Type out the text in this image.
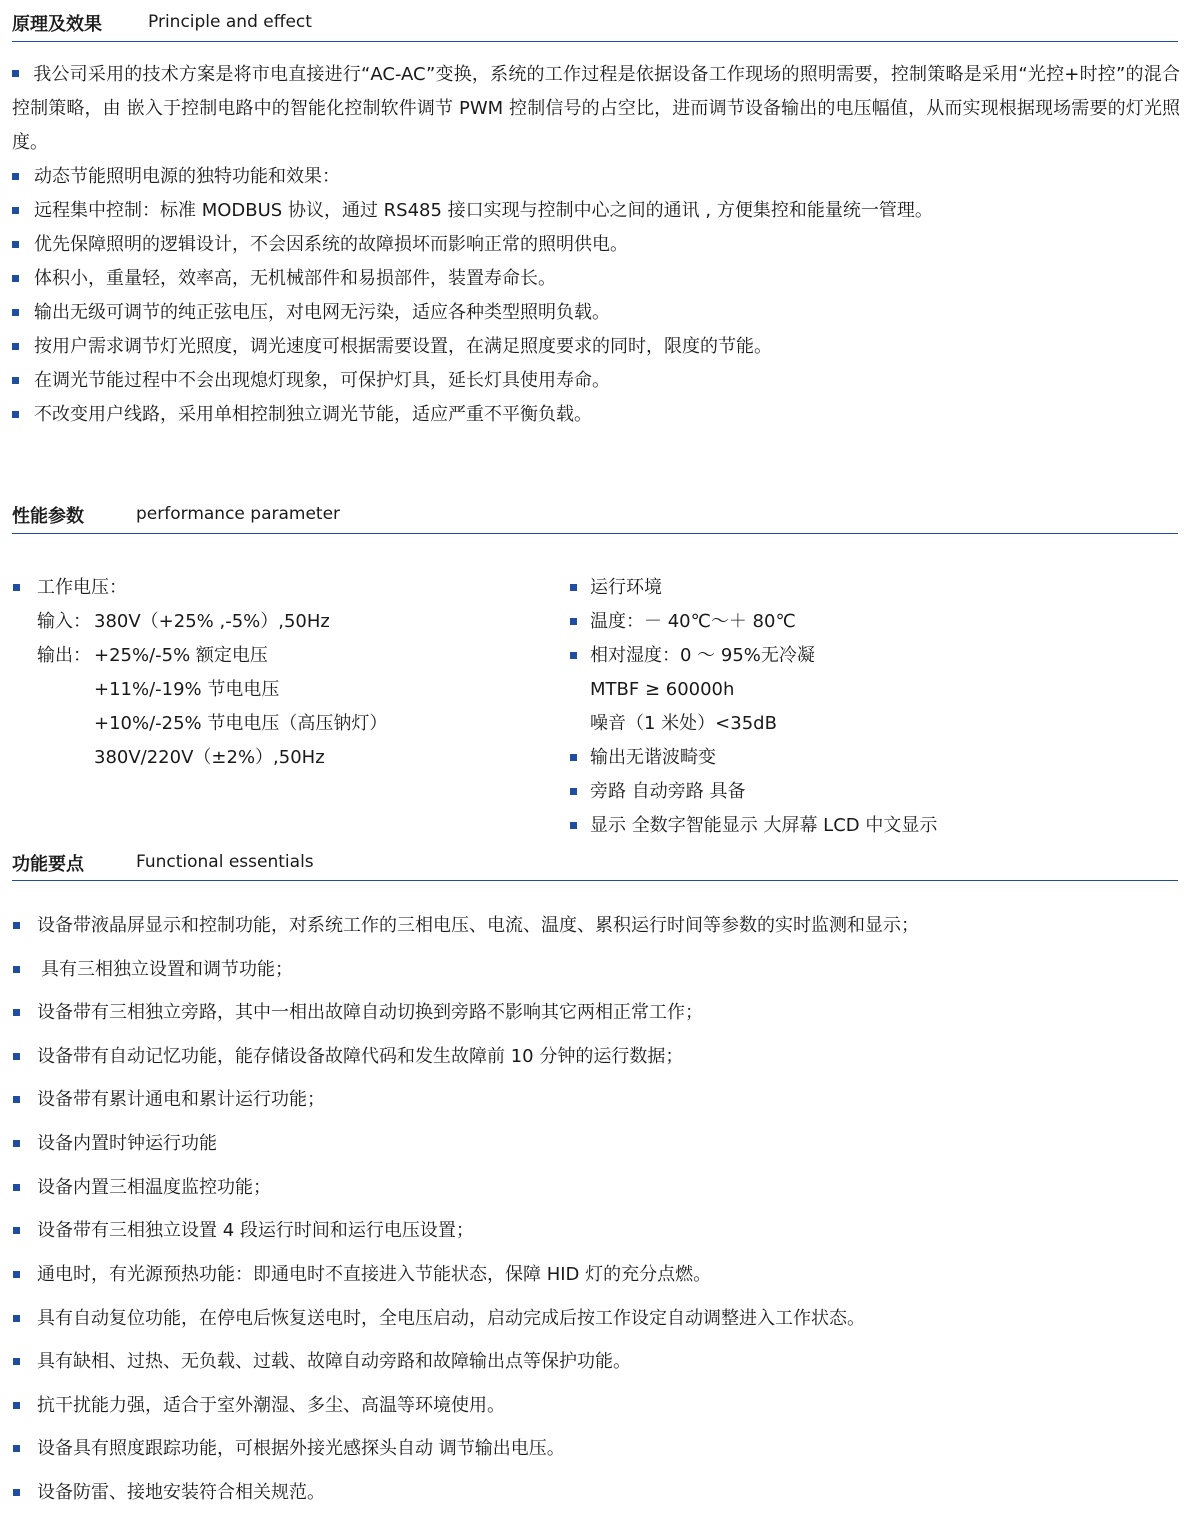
原理及效果	Principle and effect
我公司采用的技术方案是将市电直接进行“AC-AC”变换，系统的工作过程是依据设备工作现场的照明需要，控制策略是采用“光控+时控”的混合控制策略，由 嵌入于控制电路中的智能化控制软件调节 PWM 控制信号的占空比，进而调节设备输出的电压幅值，从而实现根据现场需要的灯光照度。
动态节能照明电源的独特功能和效果：
远程集中控制：标准 MODBUS 协议，通过 RS485 接口实现与控制中心之间的通讯 , 方便集控和能量统一管理。
优先保障照明的逻辑设计，不会因系统的故障损坏而影响正常的照明供电。
体积小，重量轻，效率高，无机械部件和易损部件，装置寿命长。
输出无级可调节的纯正弦电压，对电网无污染，适应各种类型照明负载。
按用户需求调节灯光照度，调光速度可根据需要设置，在满足照度要求的同时，限度的节能。
在调光节能过程中不会出现熄灯现象，可保护灯具，延长灯具使用寿命。
不改变用户线路，采用单相控制独立调光节能，适应严重不平衡负载。
性能参数	performance parameter
工作电压：
输入： 380V（+25% ,-5%）,50Hz
输出： +25%/-5% 额定电压
+11%/-19% 节电电压
+10%/-25% 节电电压（高压钠灯）
380V/220V（±2%）,50Hz
运行环境
温度：－ 40℃～＋ 80℃
相对湿度：0 ～ 95%无冷凝
MTBF ≥ 60000h
噪音（1 米处）<35dB
输出无谐波畸变
旁路 自动旁路 具备
显示 全数字智能显示 大屏幕 LCD 中文显示
功能要点	Functional essentials
设备带液晶屏显示和控制功能，对系统工作的三相电压、电流、温度、累积运行时间等参数的实时监测和显示；
具有三相独立设置和调节功能；
设备带有三相独立旁路，其中一相出故障自动切换到旁路不影响其它两相正常工作；
设备带有自动记忆功能，能存储设备故障代码和发生故障前 10 分钟的运行数据；
设备带有累计通电和累计运行功能；
设备内置时钟运行功能
设备内置三相温度监控功能；
设备带有三相独立设置 4 段运行时间和运行电压设置；
通电时，有光源预热功能：即通电时不直接进入节能状态，保障 HID 灯的充分点燃。
具有自动复位功能，在停电后恢复送电时，全电压启动，启动完成后按工作设定自动调整进入工作状态。
具有缺相、过热、无负载、过载、故障自动旁路和故障输出点等保护功能。
抗干扰能力强，适合于室外潮湿、多尘、高温等环境使用。
设备具有照度跟踪功能，可根据外接光感探头自动 调节输出电压。
设备防雷、接地安装符合相关规范。
